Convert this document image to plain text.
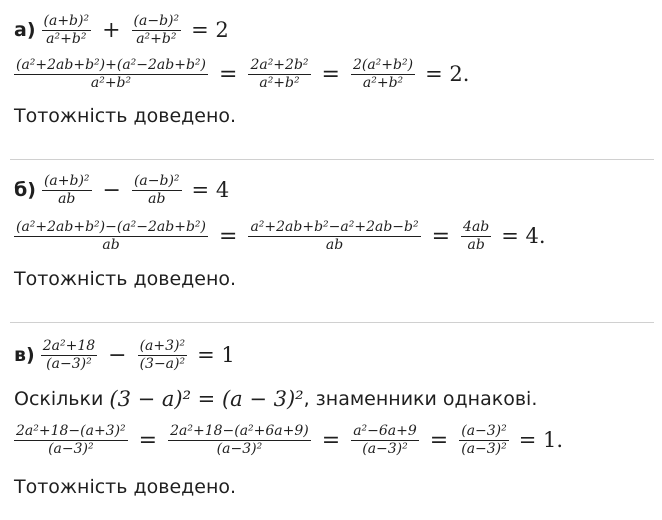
$а) \frac{\text{(a+b)²}}{\text{a²+b²}} + \frac{\text{(a−b)²}}{\text{a²+b²}} = 2$
$\frac{\text{(a²+2ab+b²)+(a²−2ab+b²)}}{\text{a²+b²}} = \frac{\text{2a²+2b²}}{\text{a²+b²}} = \frac{\text{2(a²+b²)}}{\text{a²+b²}} = 2$.
Тотожність доведено.
$б) \frac{\text{(a+b)²}}{ab} - \frac{\text{(a−b)²}}{ab} = 4$
$\frac{\text{(a²+2ab+b²)−(a²−2ab+b²)}}{ab} = \frac{\text{a²+2ab+b²−a²+2ab−b²}}{ab} = \frac{4ab}{ab} = 4$.
Тотожність доведено.
$в) \frac{\text{2a²+18}}{\text{(a−3)²}} - \frac{\text{(a+3)²}}{\text{(3−a)²}} = 1$
Оскільки (3 − a)² = (a − 3)² , знаменники однакові.
$\frac{\text{2a²+18−(a+3)²}}{\text{(a−3)²}} = \frac{\text{2a²+18−(a²+6a+9)}}{\text{(a−3)²}} = \frac{\text{a²−6a+9}}{\text{(a−3)²}} = \frac{\text{(a−3)²}}{\text{(a−3)²}} = 1$.
Тотожність доведено.
